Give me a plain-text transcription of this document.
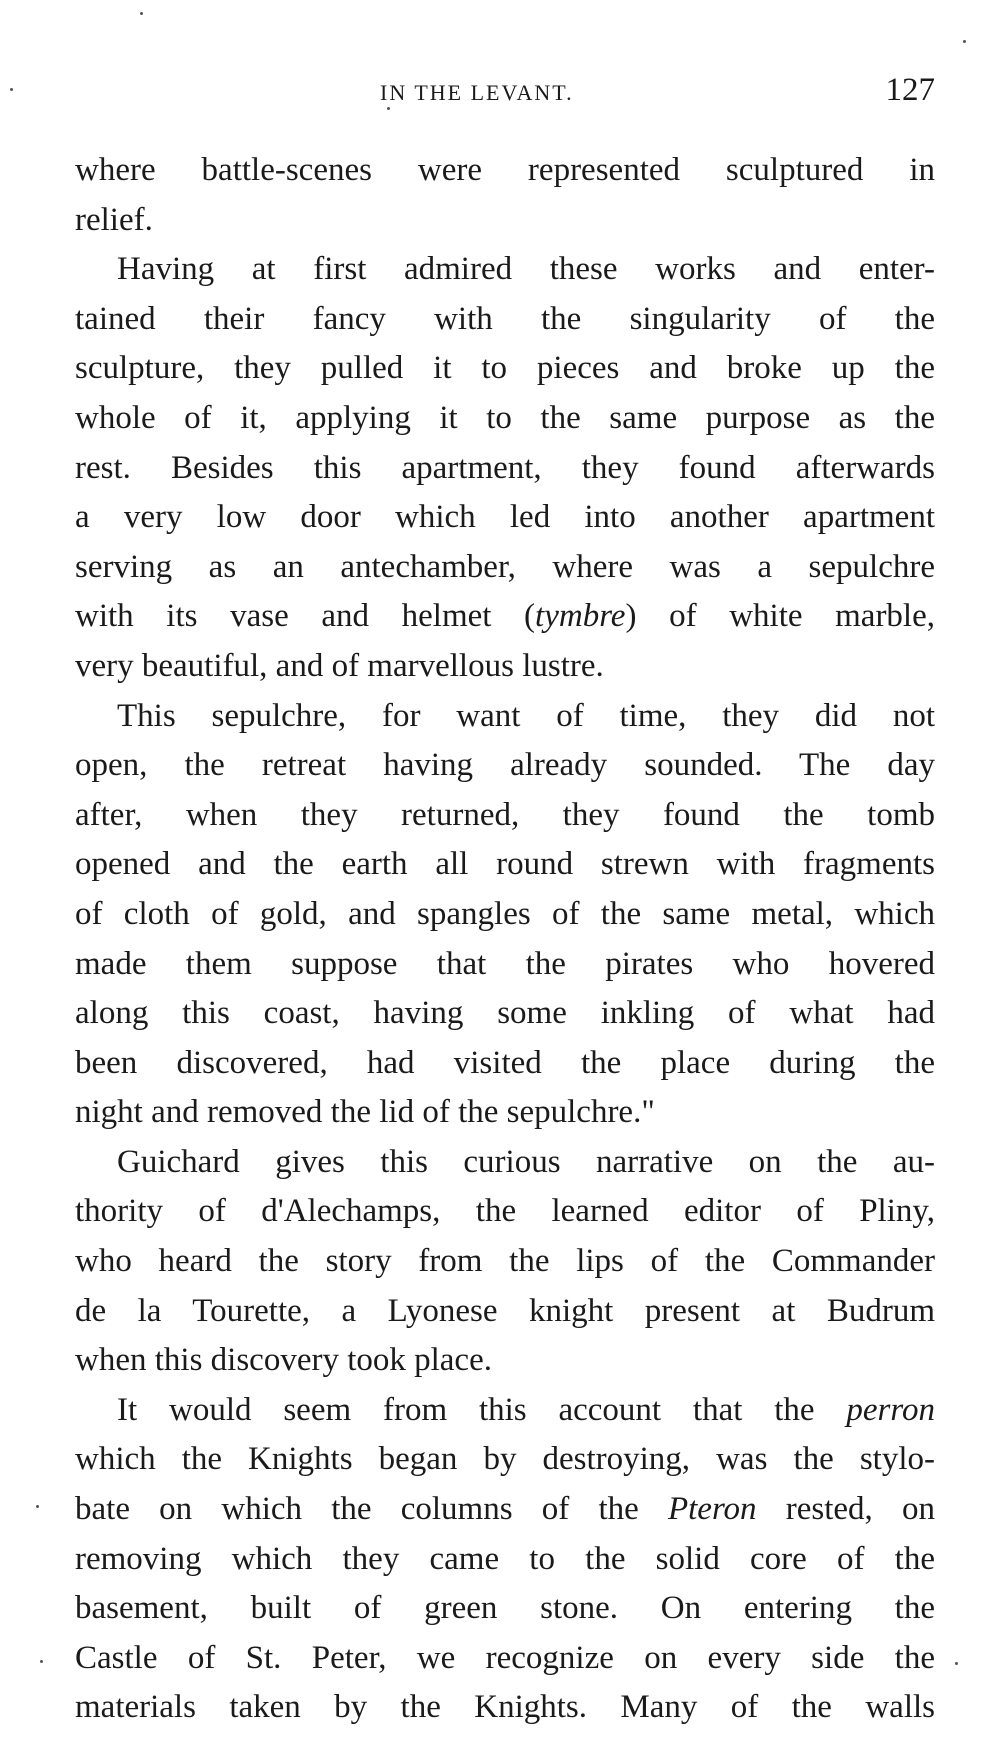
IN THE LEVANT.	127

where battle-scenes were represented sculptured in
relief.

Having at first admired these works and enter-
tained their fancy with the singularity of the
sculpture, they pulled it to pieces and broke up the
whole of it, applying it to the same purpose as the
rest. Besides this apartment, they found afterwards
a very low door which led into another apartment
serving as an antechamber, where was a sepulchre
with its vase and helmet (tymbre) of white marble,
very beautiful, and of marvellous lustre.

This sepulchre, for want of time, they did not
open, the retreat having already sounded. The day
after, when they returned, they found the tomb
opened and the earth all round strewn with fragments
of cloth of gold, and spangles of the same metal, which
made them suppose that the pirates who hovered
along this coast, having some inkling of what had
been discovered, had visited the place during the
night and removed the lid of the sepulchre."

Guichard gives this curious narrative on the au-
thority of d'Alechamps, the learned editor of Pliny,
who heard the story from the lips of the Commander
de la Tourette, a Lyonese knight present at Budrum
when this discovery took place.

It would seem from this account that the perron
which the Knights began by destroying, was the stylo-
bate on which the columns of the Pteron rested, on
removing which they came to the solid core of the
basement, built of green stone. On entering the
Castle of St. Peter, we recognize on every side the
materials taken by the Knights. Many of the walls
